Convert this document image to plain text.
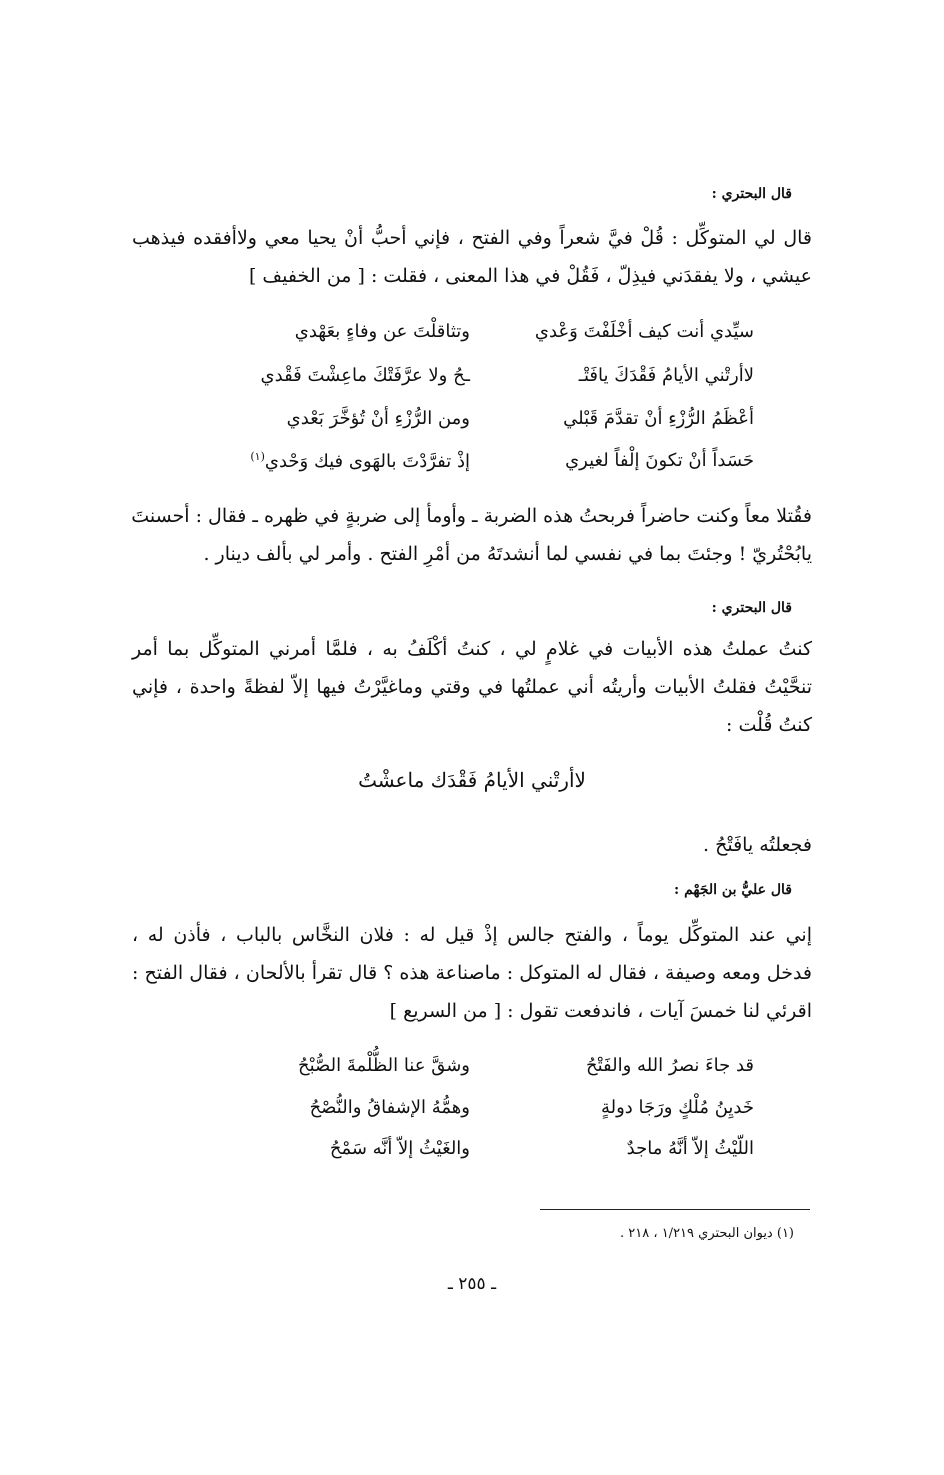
قال البحتري :
قال لي المتوكِّل : قُلْ فيَّ شعراً وفي الفتح ، فإني أحبُّ أنْ يحيا معي ولاأفقده فيذهب
عيشي ، ولا يفقدَني فيذِلّ ، فَقُلْ في هذا المعنى ، فقلت : [ من الخفيف ]
سيِّدي أنت كيف أخْلَفْتَ وَعْدي
وتثاقلْتَ عن وفاءٍ بعَهْدي
لاأرتْني الأيامُ فَقْدَكَ يافَتْـ
ـحُ ولا عرَّفَتْكَ ماعِشْتَ فَقْدي
أعْظَمُ الرُّزْءِ أنْ تقدَّمَ قَبْلي
ومن الرُّزْءِ أنْ تُؤخَّرَ بَعْدي
حَسَداً أنْ تكونَ إلْفاً لغيري
إذْ تفرَّدْتَ بالهَوى فيك وَحْدي$^{(١)}$
فقُتلا معاً وكنت حاضراً فربحتُ هذه الضربة ـ وأومأ إلى ضربةٍ في ظهره ـ فقال : أحسنتَ
يابُحْتُريّ ! وجئتَ بما في نفسي لما أنشدتَهُ من أمْرِ الفتح . وأمر لي بألف دينار .
قال البحتري :
كنتُ عملتُ هذه الأبيات في غلامٍ لي ، كنتُ أكْلَفُ به ، فلمَّا أمرني المتوكِّل بما أمر
تنحَّيْتُ فقلتُ الأبيات وأريتُه أني عملتُها في وقتي وماغيَّرْتُ فيها إلاّ لفظةً واحدة ، فإني
كنتُ قُلْت :
لاأرتْني الأيامُ فَقْدَك ماعشْتُ
فجعلتُه يافَتْحُ .
قال عليُّ بن الجَهْم :
إني عند المتوكِّل يوماً ، والفتح جالس إذْ قيل له : فلان النخَّاس بالباب ، فأذن له ،
فدخل ومعه وصيفة ، فقال له المتوكل : ماصناعة هذه ؟ قال تقرأ بالألحان ، فقال الفتح :
اقرئي لنا خمسَ آيات ، فاندفعت تقول : [ من السريع ]
قد جاءَ نصرُ الله والفَتْحُ
وشقَّ عنا الظُّلْمةَ الصُّبْحُ
خَديِنُ مُلْكٍ ورَجَا دولةٍ
وهمُّهُ الإشفاقُ والنُّصْحُ
اللّيْثُ إلاّ أنَّهُ ماجدٌ
والغَيْثُ إلاّ أنَّه سَمْحُ
(١) ديوان البحتري ١/٢١٩ ، ٢١٨ .
ـ ٢٥٥ ـ
